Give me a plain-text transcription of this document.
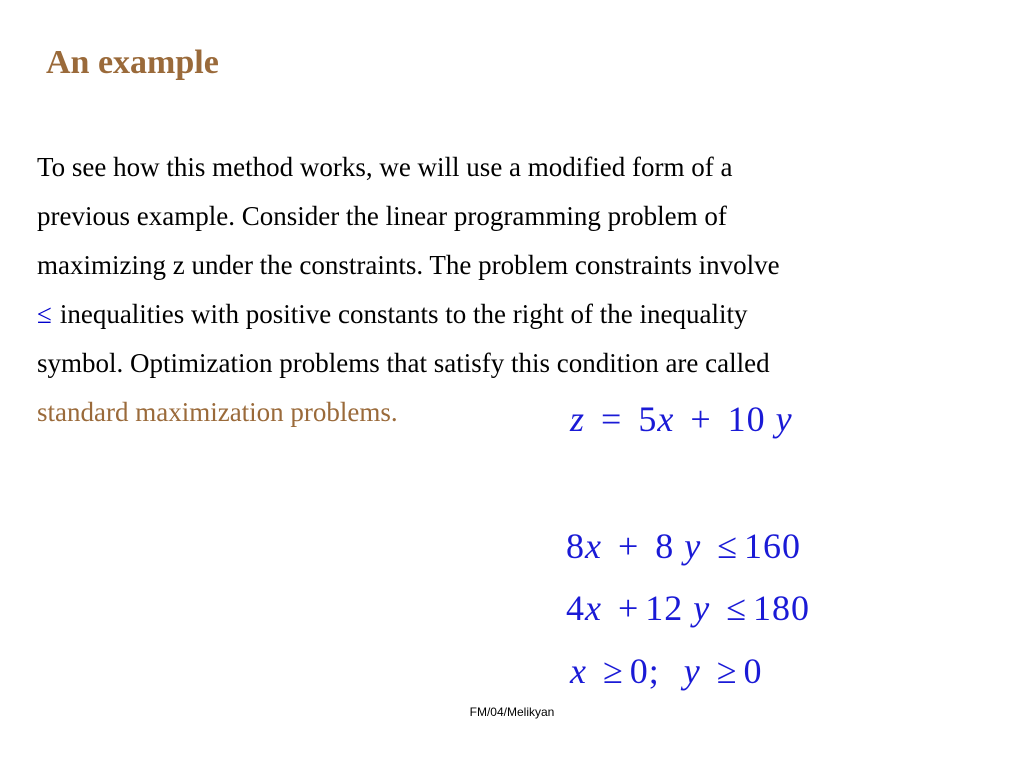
An example
To see how this method works, we will use a modified form of a
previous example. Consider the linear programming problem of
maximizing z under the constraints. The problem constraints involve
≤ inequalities with positive constants to the right of the inequality
symbol. Optimization problems that satisfy this condition are called
standard maximization problems.	z = 5x + 10 y
8x + 8 y ≤ 160
4x + 12 y ≤ 180
x ≥ 0; y ≥ 0
FM/04/Melikyan
